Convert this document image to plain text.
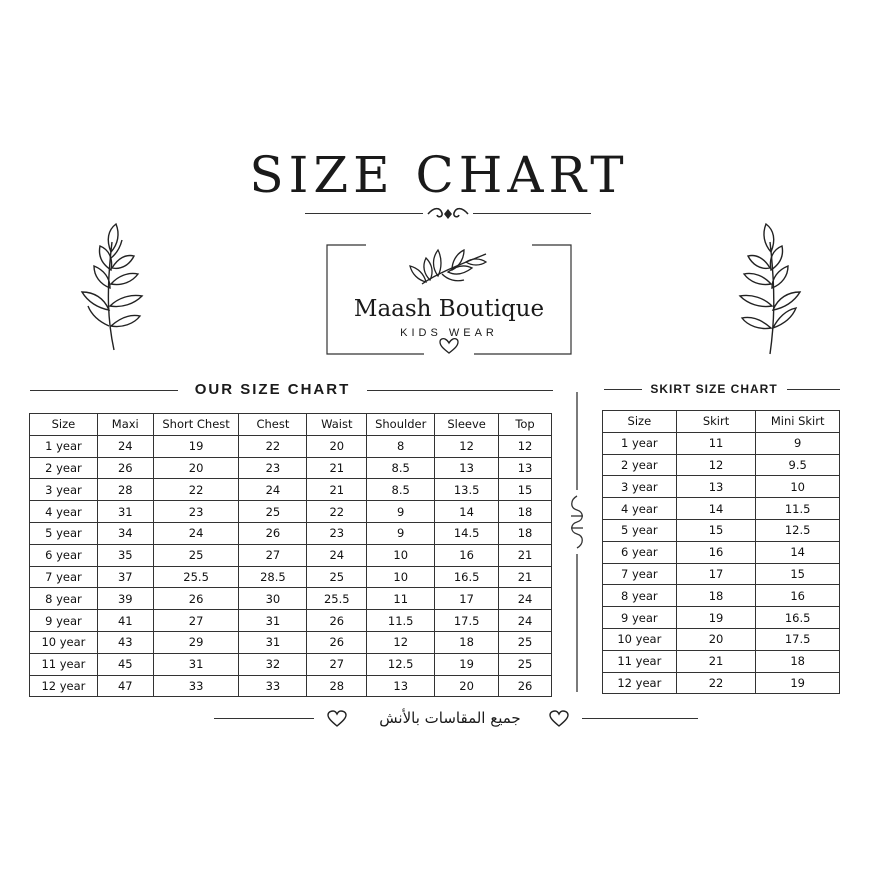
SIZE CHART
Maash Boutique
KIDS WEAR
OUR SIZE CHART	SKIRT SIZE CHART
Size	Maxi	Short Chest	Chest	Waist	Shoulder	Sleeve	Top
1 year	24	19	22	20	8	12	12
2 year	26	20	23	21	8.5	13	13
3 year	28	22	24	21	8.5	13.5	15
4 year	31	23	25	22	9	14	18
5 year	34	24	26	23	9	14.5	18
6 year	35	25	27	24	10	16	21
7 year	37	25.5	28.5	25	10	16.5	21
8 year	39	26	30	25.5	11	17	24
9 year	41	27	31	26	11.5	17.5	24
10 year	43	29	31	26	12	18	25
11 year	45	31	32	27	12.5	19	25
12 year	47	33	33	28	13	20	26
Size	Skirt	Mini Skirt
1 year	11	9
2 year	12	9.5
3 year	13	10
4 year	14	11.5
5 year	15	12.5
6 year	16	14
7 year	17	15
8 year	18	16
9 year	19	16.5
10 year	20	17.5
11 year	21	18
12 year	22	19
جميع المقاسات بالأنش
